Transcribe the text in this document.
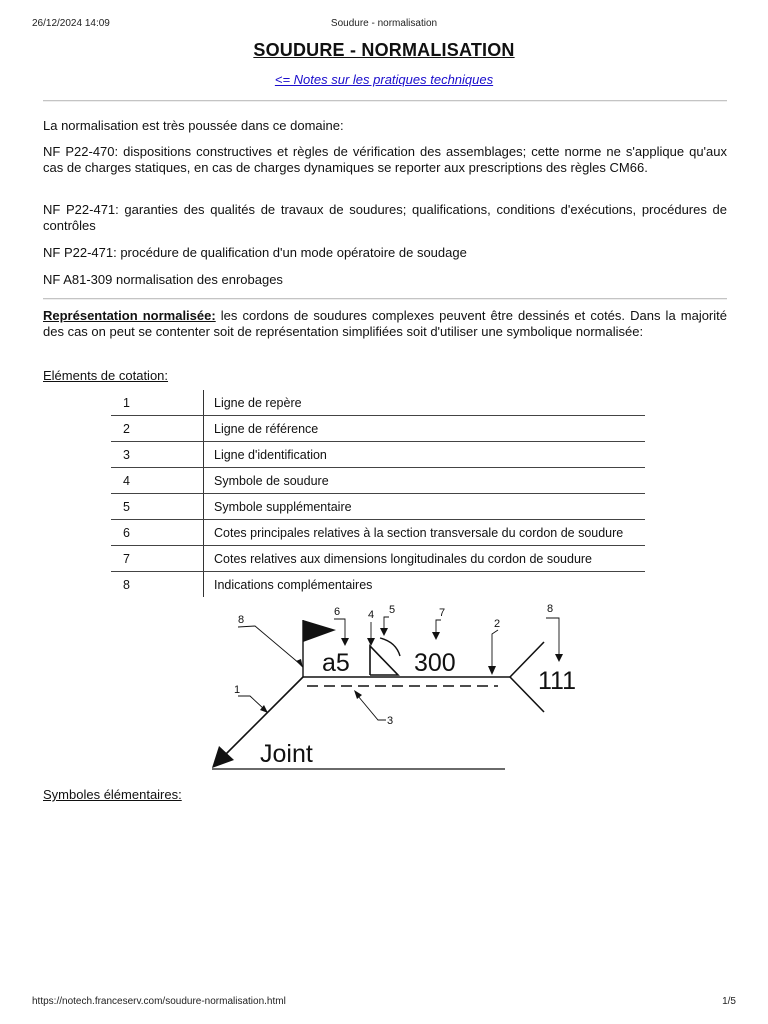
26/12/2024 14:09	Soudure - normalisation
SOUDURE - NORMALISATION
<= Notes sur les pratiques techniques

La normalisation est très poussée dans ce domaine:

NF P22-470: dispositions constructives et règles de vérification des assemblages; cette norme ne s'applique qu'aux cas de charges statiques, en cas de charges dynamiques se reporter aux prescriptions des règles CM66.

NF P22-471: garanties des qualités de travaux de soudures; qualifications, conditions d'exécutions, procédures de contrôles

NF P22-471: procédure de qualification d'un mode opératoire de soudage

NF A81-309 normalisation des enrobages

Représentation normalisée: les cordons de soudures complexes peuvent être dessinés et cotés. Dans la majorité des cas on peut se contenter soit de représentation simplifiées soit d'utiliser une symbolique normalisée:

Eléments de cotation:

1	Ligne de repère
2	Ligne de référence
3	Ligne d'identification
4	Symbole de soudure
5	Symbole supplémentaire
6	Cotes principales relatives à la section transversale du cordon de soudure
7	Cotes relatives aux dimensions longitudinales du cordon de soudure
8	Indications complémentaires
a5	300
111
Joint
8
6	4 5	7
2
8
1
3

Symboles élémentaires:

https://notech.franceserv.com/soudure-normalisation.html	1/5
